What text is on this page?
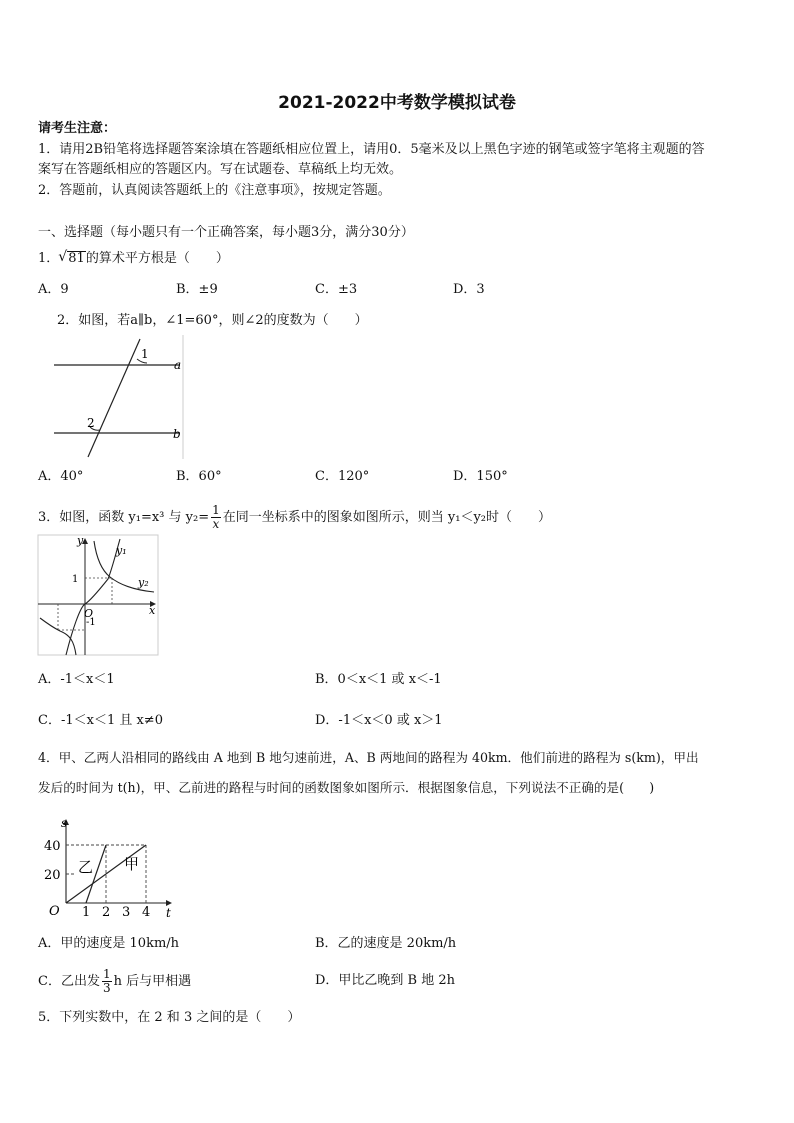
2021-2022中考数学模拟试卷
请考生注意：
1．请用2B铅笔将选择题答案涂填在答题纸相应位置上，请用0．5毫米及以上黑色字迹的钢笔或签字笔将主观题的答
案写在答题纸相应的答题区内。写在试题卷、草稿纸上均无效。
2．答题前，认真阅读答题纸上的《注意事项》，按规定答题。
一、选择题（每小题只有一个正确答案，每小题3分，满分30分）
1．√ 81的算术平方根是（　　）
A．9	B．±9	C．±3	D．3
2．如图，若a∥b，∠1=60°，则∠2的度数为（　　）
1
2
a
b
A．40°	B．60°	C．120°	D．150°
3．如图，函数 y₁=x³ 与 $y_2= \frac{1}{x}$ 在同一坐标系中的图象如图所示，则当 y₁＜y₂时（　　）
y
x
O
y₁
y₂
1
-1
A．-1＜x＜1	B．0＜x＜1 或 x＜-1
C．-1＜x＜1 且 x≠0	D．-1＜x＜0 或 x＞1
4．甲、乙两人沿相同的路线由 A 地到 B 地匀速前进，A、B 两地间的路程为 40km．他们前进的路程为 s(km)，甲出
发后的时间为 t(h)，甲、乙前进的路程与时间的函数图象如图所示．根据图象信息，下列说法不正确的是(　　)
s
t
O
40
20
1 2 3 4
乙 甲
A．甲的速度是 10km/h	B．乙的速度是 20km/h
C．乙出发 $\frac{1}{3}$ h 后与甲相遇	D．甲比乙晚到 B 地 2h
5．下列实数中，在 2 和 3 之间的是（　　）
